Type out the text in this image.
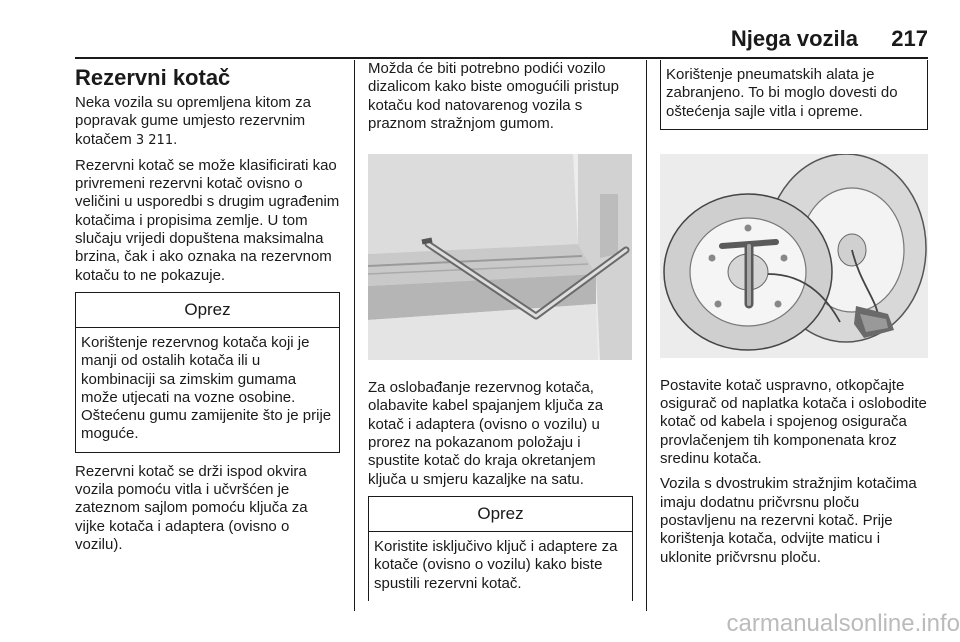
Njega vozila 217
Rezervni kotač

Neka vozila su opremljena kitom za popravak gume umjesto rezervnim kotačem 3 211.

Rezervni kotač se može klasificirati kao privremeni rezervni kotač ovisno o veličini u usporedbi s drugim ugrađenim kotačima i propisima zemlje. U tom slučaju vrijedi dopuštena maksimalna brzina, čak i ako oznaka na rezervnom kotaču to ne pokazuje.

Oprez
Korištenje rezervnog kotača koji je manji od ostalih kotača ili u kombinaciji sa zimskim gumama može utjecati na vozne osobine. Oštećenu gumu zamijenite što je prije moguće.

Rezervni kotač se drži ispod okvira vozila pomoću vitla i učvršćen je zateznom sajlom pomoću ključa za vijke kotača i adaptera (ovisno o vozilu).

Možda će biti potrebno podići vozilo dizalicom kako biste omogućili pristup kotaču kod natovarenog vozila s praznom stražnjom gumom.

Za oslobađanje rezervnog kotača, olabavite kabel spajanjem ključa za kotač i adaptera (ovisno o vozilu) u prorez na pokazanom položaju i spustite kotač do kraja okretanjem ključa u smjeru kazaljke na satu.

Oprez
Koristite isključivo ključ i adaptere za kotače (ovisno o vozilu) kako biste spustili rezervni kotač.
Korištenje pneumatskih alata je zabranjeno. To bi moglo dovesti do oštećenja sajle vitla i opreme.

Postavite kotač uspravno, otkopčajte osigurač od naplatka kotača i oslobodite kotač od kabela i spojenog osigurača provlačenjem tih komponenata kroz sredinu kotača.

Vozila s dvostrukim stražnjim kotačima imaju dodatnu pričvrsnu ploču postavljenu na rezervni kotač. Prije korištenja kotača, odvijte maticu i uklonite pričvrsnu ploču.

carmanualsonline.info
